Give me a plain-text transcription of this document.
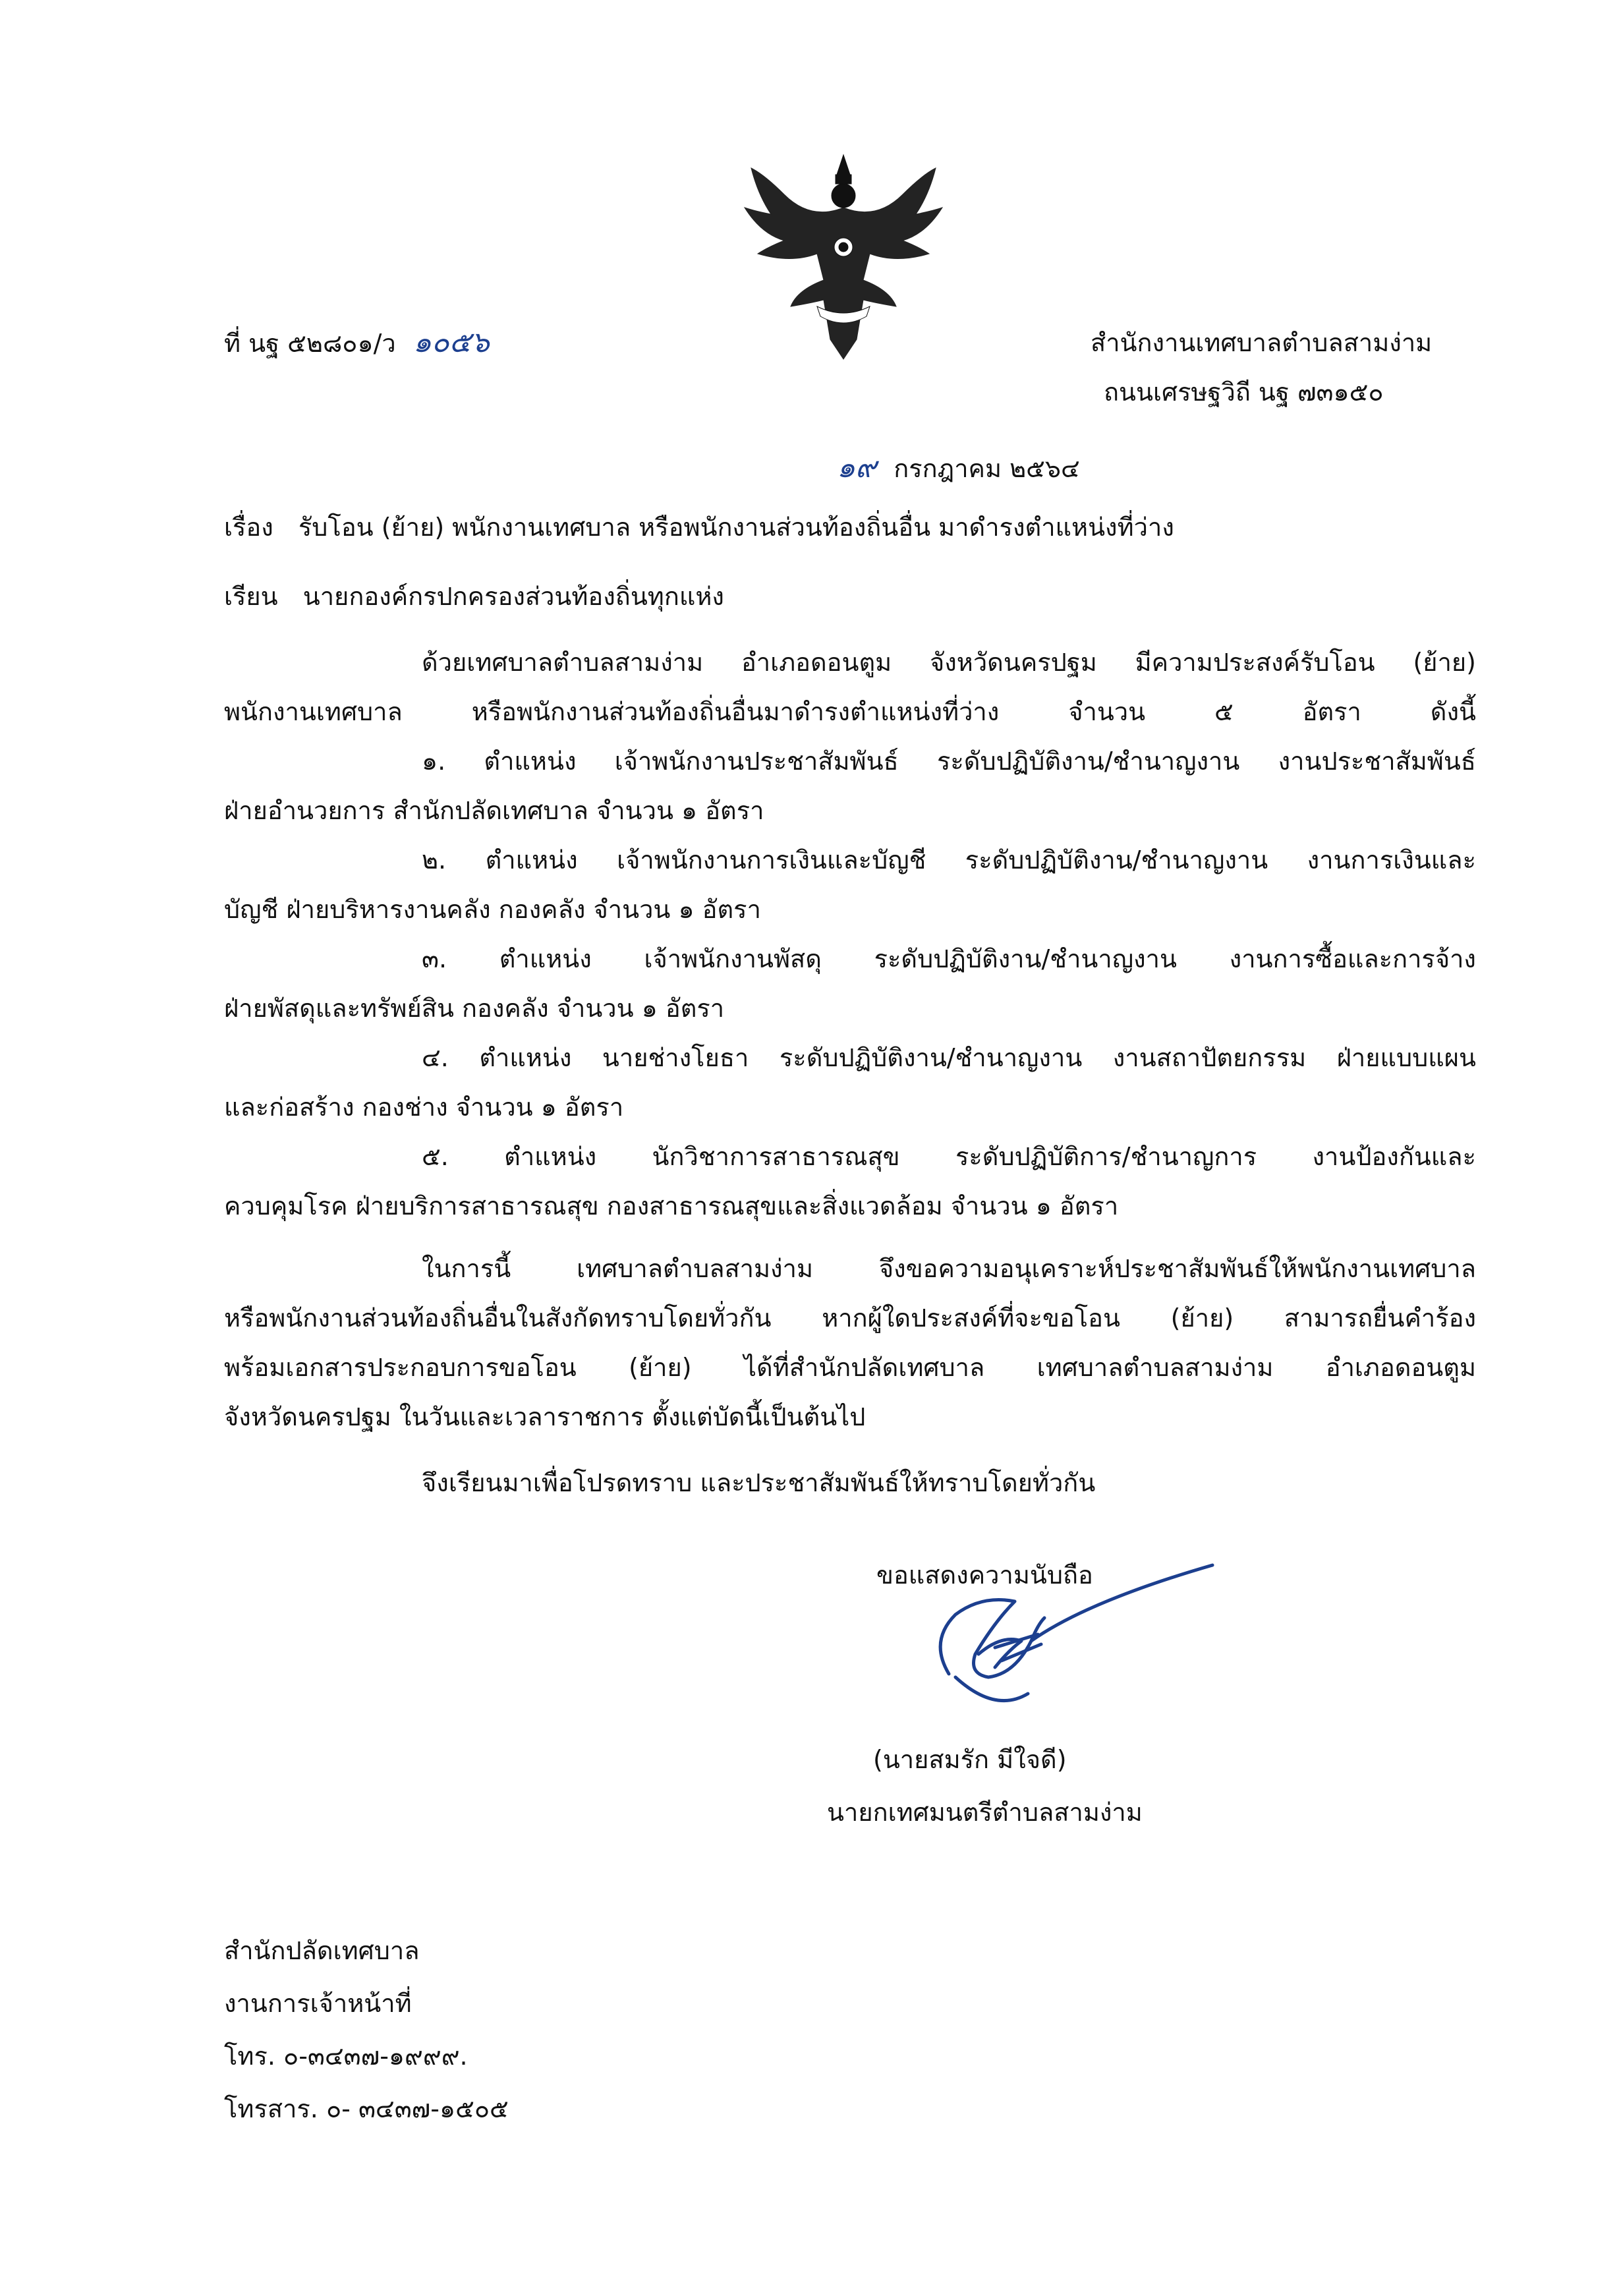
ที่ นฐ ๕๒๘๐๑/ว ๑๐๕๖	สำนักงานเทศบาลตำบลสามง่าม
ถนนเศรษฐวิถี นฐ ๗๓๑๕๐
๑๙ กรกฎาคม ๒๕๖๔
เรื่อง รับโอน (ย้าย) พนักงานเทศบาล หรือพนักงานส่วนท้องถิ่นอื่น มาดำรงตำแหน่งที่ว่าง
เรียน นายกองค์กรปกครองส่วนท้องถิ่นทุกแห่ง
ด้วยเทศบาลตำบลสามง่าม อำเภอดอนตูม จังหวัดนครปฐม มีความประสงค์รับโอน (ย้าย)
พนักงานเทศบาล หรือพนักงานส่วนท้องถิ่นอื่นมาดำรงตำแหน่งที่ว่าง จำนวน ๕ อัตรา ดังนี้
๑. ตำแหน่ง เจ้าพนักงานประชาสัมพันธ์ ระดับปฏิบัติงาน/ชำนาญงาน งานประชาสัมพันธ์
ฝ่ายอำนวยการ สำนักปลัดเทศบาล จำนวน ๑ อัตรา
๒. ตำแหน่ง เจ้าพนักงานการเงินและบัญชี ระดับปฏิบัติงาน/ชำนาญงาน งานการเงินและ
บัญชี ฝ่ายบริหารงานคลัง กองคลัง จำนวน ๑ อัตรา
๓. ตำแหน่ง เจ้าพนักงานพัสดุ ระดับปฏิบัติงาน/ชำนาญงาน งานการซื้อและการจ้าง
ฝ่ายพัสดุและทรัพย์สิน กองคลัง จำนวน ๑ อัตรา
๔. ตำแหน่ง นายช่างโยธา ระดับปฏิบัติงาน/ชำนาญงาน งานสถาปัตยกรรม ฝ่ายแบบแผน
และก่อสร้าง กองช่าง จำนวน ๑ อัตรา
๕. ตำแหน่ง นักวิชาการสาธารณสุข ระดับปฏิบัติการ/ชำนาญการ งานป้องกันและ
ควบคุมโรค ฝ่ายบริการสาธารณสุข กองสาธารณสุขและสิ่งแวดล้อม จำนวน ๑ อัตรา
ในการนี้ เทศบาลตำบลสามง่าม จึงขอความอนุเคราะห์ประชาสัมพันธ์ให้พนักงานเทศบาล
หรือพนักงานส่วนท้องถิ่นอื่นในสังกัดทราบโดยทั่วกัน หากผู้ใดประสงค์ที่จะขอโอน (ย้าย) สามารถยื่นคำร้อง
พร้อมเอกสารประกอบการขอโอน (ย้าย) ได้ที่สำนักปลัดเทศบาล เทศบาลตำบลสามง่าม อำเภอดอนตูม
จังหวัดนครปฐม ในวันและเวลาราชการ ตั้งแต่บัดนี้เป็นต้นไป
จึงเรียนมาเพื่อโปรดทราบ และประชาสัมพันธ์ให้ทราบโดยทั่วกัน
ขอแสดงความนับถือ
(นายสมรัก มีใจดี)
นายกเทศมนตรีตำบลสามง่าม
สำนักปลัดเทศบาล
งานการเจ้าหน้าที่
โทร. ๐-๓๔๓๗-๑๙๙๙.
โทรสาร. ๐- ๓๔๓๗-๑๕๐๕
